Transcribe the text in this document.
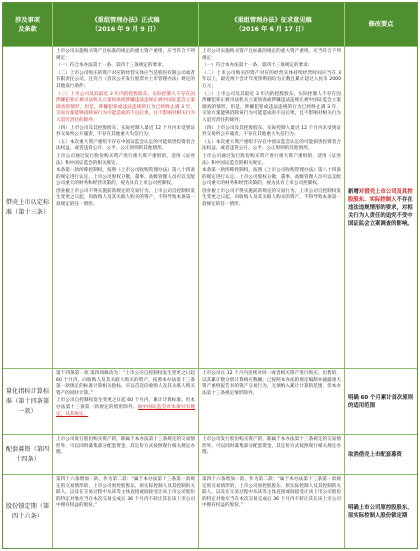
涉及事项
及条款
《重组管理办法》正式稿
（2016 年 9 月 9 日）
《重组管理办法》征求意见稿
（2016 年 6 月 17 日）
修改要点
借壳上市认定标准（第十三条）

上市公司实施购买资产且标准的规定的重大资产重组，应当符合下列规定：

（一）符合本办法第十一条、第四十三条规定的要求；

（二）上市公司购买的资产对应的经营实体应当是股份有限公司或者有限责任公司，且符合《首次公开发行股票并上市管理办法》规定的其他发行条件；

（三）上市公司及其最近 3 年内的控股股东、实际控制人不存在因涉嫌犯罪正被司法机关立案侦查或涉嫌违法违规正被中国证监会立案调查的情形，但是，涉嫌犯罪或违法违规的行为已经终止满 3 年，交易方案能够消除该行为可能造成的不良后果，且不影响对相关行为人追究责任的除外；

（四）上市公司及其控股股东、实际控制人最近 12 个月内未受到证券交易所公开谴责，不存在其他重大失信行为；

（五）本次重大资产重组不存在中国证监会认定的可能损害投资者合法权益，或者违背公开、公平、公正原则的其他情形。

上市公司通过发行股份购买资产进行重大资产重组的，适用《证券法》和中国证监会的相关规定。

本条第一款所称控制权，按照《上市公司收购管理办法》第八十四条的规定进行认定。上市公司股权分散，董事、高级管理人员可以支配公司重大的财务和经营决策的，视为具有上市公司控制权。

创业板上市公司不得实施前款规定的交易行为。上市公司自控制权发生变更之日起，向收购人及其关联人购买的资产，不得导致本条第一款规定的任一情形。

上市公司实施购买资产且标准的规定的重大资产重组，应当符合下列规定：

（一）符合本办法第十一条、第四十三条规定的要求；

（二）上市公司购买的资产对应的经营实体持续经营时间应当在 3 年以上，最近两个会计年度净利润均为正数且累计超过人民币 2000 万元；

（三）上市公司及其最近 3 年内的控股股东、实际控制人不存在因涉嫌犯罪正被司法机关立案侦查或涉嫌违法违规正被中国证监会立案调查的情形，但是，涉嫌犯罪或违法违规的行为已经终止满 3 年，交易方案能够消除该行为可能造成的不良后果，且不影响对相关行为人追究责任的除外；

（四）上市公司及其控股股东、实际控制人最近 12 个月内未受到证券交易所公开谴责，不存在其他重大失信行为；

（五）本次重大资产重组不存在中国证监会认定的可能损害投资者合法权益，或者违背公开、公平、公正原则的其他情形。

上市公司通过发行股份购买资产进行重大资产重组的，适用《证券法》和中国证监会的相关规定。

本条第一款所称控制权，按照《上市公司收购管理办法》第八十四条的规定进行认定。上市公司股权分散，董事、高级管理人员可以支配公司重大的财务和经营决策的，视为具有上市公司控制权。

创业板上市公司不得实施前款规定的交易行为。上市公司自控制权发生变更之日起，向收购人及其关联人购买的资产，不得导致本条第一款规定的任一情形。

新增对借壳上市公司及其控股股东、实际控制人不存在违法违规情形的要求，对相关行为人责任的追究不受中国证监会立案调查的影响。
量化指标计算标准（第十四条第一款）

第十四条第一款 第四项修改为：“上市公司自控制权发生变更之日起 60 个月内，向收购人及其关联人购买的资产，按照本办法第十三条第一款规定的标准计算相关指标，应以首次向收购人及其关联人购买资产的同时计算。”

上市公司自控制权发生变更之日起 60 个月内，累计计算标准。但本办法第十三条第一款规定的情形除外。如中国证监会对本条另有规定，从其规定。

上市公司在 12 个月内连续对同一或者相关资产进行购买、出售的，以其累计数分别计算相应数额。已按照本办法的规定编制并披露重大资产重组报告书的资产交易行为，无须纳入累计计算的范围，但本办法第十三条规定情形除外。

明确 60 个月累计首次原则的适用范围
配套募资（第四十四条）

上市公司发行股份购买资产的，除属于本办法第十三条规定的交易情形外，可以同时募集部分配套资金，其定价方式按照现行相关规定办理。

上市公司发行股份购买资产的，除属于本办法第十三条规定的交易情形外，可以同时募集部分配套资金，其定价方式按照现行相关规定办理。	取消借壳上市配套募资
股份锁定期（第四十六条）

第四十六条增加一款，作为第二款：“属于本办法第十三条第一款规定的交易情形的，上市公司原控股股东、原实际控制人及其控制的关联人，以及在交易过程中从该等主体直接或间接受让该上市公司股份的特定对象应当在本次交易完成后 36 个月内不转让其在该上市公司中拥有权益的股份。”

第四十六条增加一款，作为第二款：“属于本办法第十三条第一款规定的交易情形的，上市公司原控股股东、原实际控制人及其控制的关联人，以及在交易过程中从该等主体直接或间接受让该上市公司股份的特定对象应当在本次交易完成后 36 个月内不转让其在该上市公司中拥有权益的股份。”	明确上市公司原控股股东、原实际控制人股份锁定期
